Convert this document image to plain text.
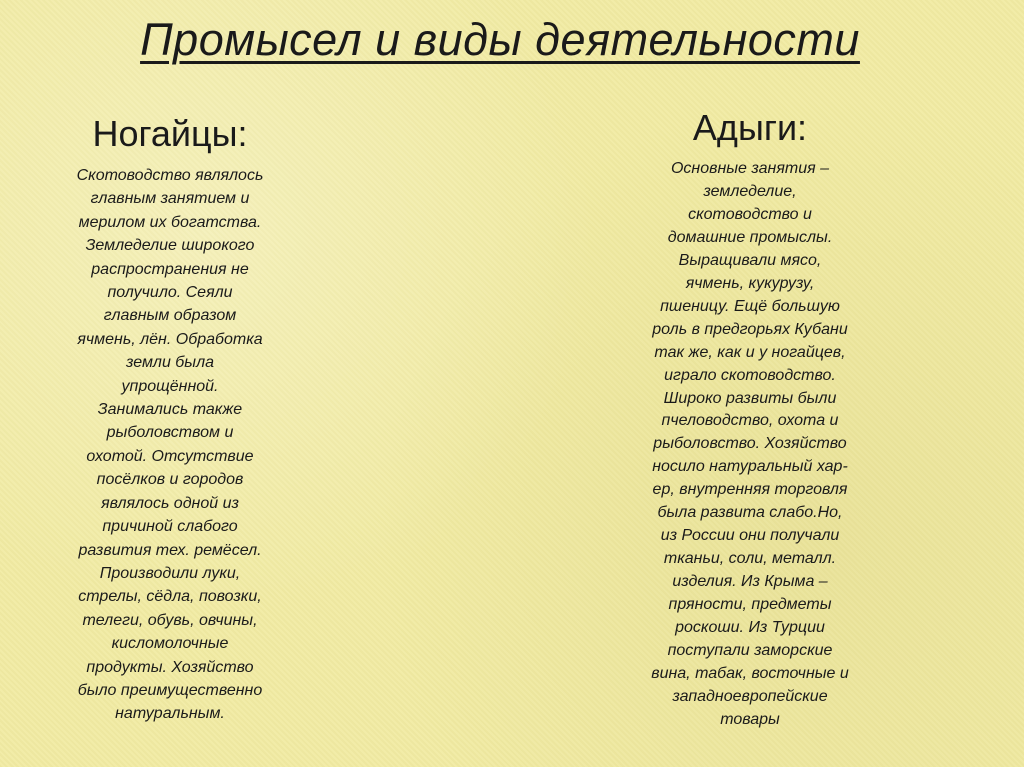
Промысел и виды деятельности
Ногайцы:

Скотоводство являлось
главным занятием и
мерилом их богатства.
Земледелие широкого
распространения не
получило. Сеяли
главным образом
ячмень, лён. Обработка
земли была
упрощённой.
Занимались также
рыболовством и
охотой. Отсутствие
посёлков и городов
являлось одной из
причиной слабого
развития тех. ремёсел.
Производили луки,
стрелы, сёдла, повозки,
телеги, обувь, овчины,
кисломолочные
продукты. Хозяйство
было преимущественно
натуральным.

Адыги:

Основные занятия –
земледелие,
скотоводство и
домашние промыслы.
Выращивали мясо,
ячмень, кукурузу,
пшеницу. Ещё большую
роль в предгорьях Кубани
так же, как и у ногайцев,
играло скотоводство.
Широко развиты были
пчеловодство, охота и
рыболовство. Хозяйство
носило натуральный хар-
ер, внутренняя торговля
была развита слабо.Но,
из России они получали
тканьи, соли, металл.
изделия. Из Крыма –
пряности, предметы
роскоши. Из Турции
поступали заморские
вина, табак, восточные и
западноевропейские
товары
